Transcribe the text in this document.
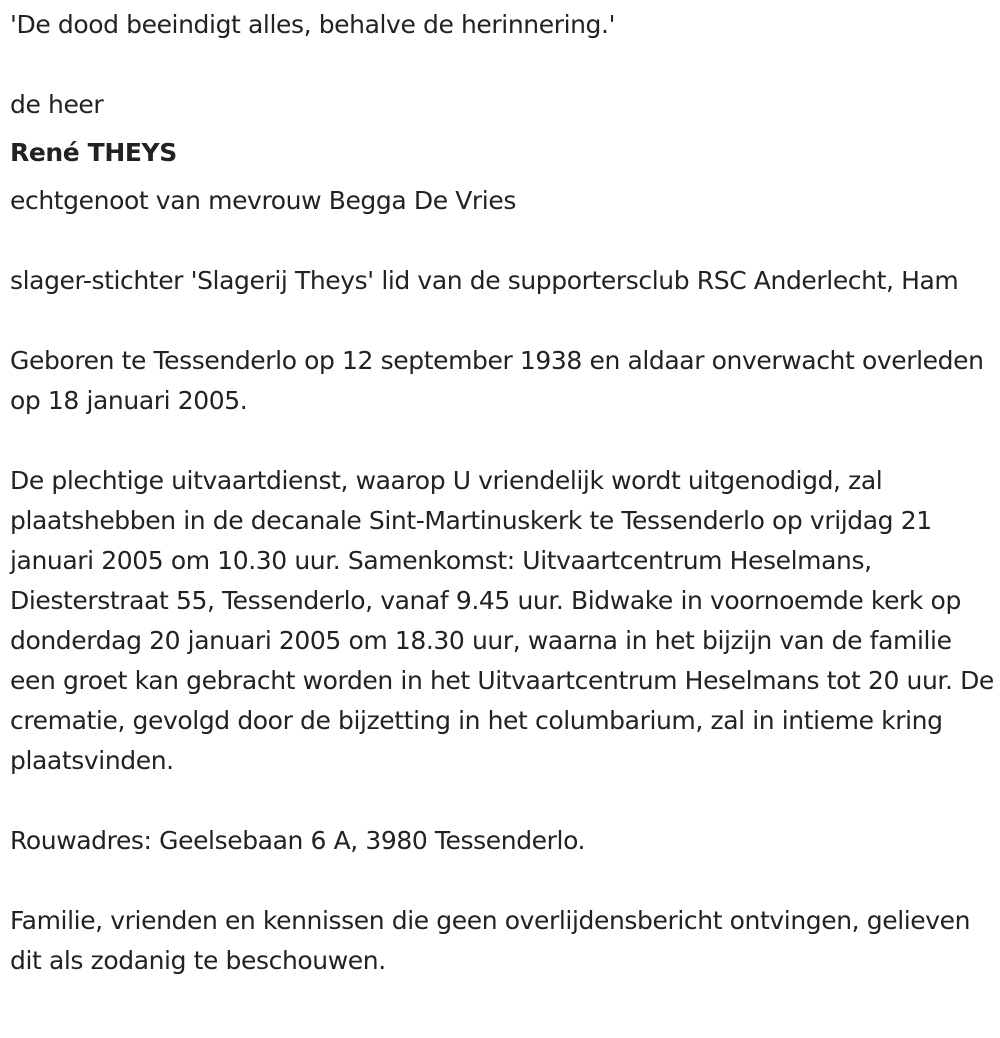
'De dood beeindigt alles, behalve de herinnering.'

de heer

René THEYS

echtgenoot van mevrouw Begga De Vries

slager-stichter 'Slagerij Theys' lid van de supportersclub RSC Anderlecht, Ham

Geboren te Tessenderlo op 12 september 1938 en aldaar onverwacht overleden op 18 januari 2005.

De plechtige uitvaartdienst, waarop U vriendelijk wordt uitgenodigd, zal plaatshebben in de decanale Sint-Martinuskerk te Tessenderlo op vrijdag 21 januari 2005 om 10.30 uur. Samenkomst: Uitvaartcentrum Heselmans, Diesterstraat 55, Tessenderlo, vanaf 9.45 uur. Bidwake in voornoemde kerk op donderdag 20 januari 2005 om 18.30 uur, waarna in het bijzijn van de familie een groet kan gebracht worden in het Uitvaartcentrum Heselmans tot 20 uur. De crematie, gevolgd door de bijzetting in het columbarium, zal in intieme kring plaatsvinden.

Rouwadres: Geelsebaan 6 A, 3980 Tessenderlo.

Familie, vrienden en kennissen die geen overlijdensbericht ontvingen, gelieven dit als zodanig te beschouwen.
